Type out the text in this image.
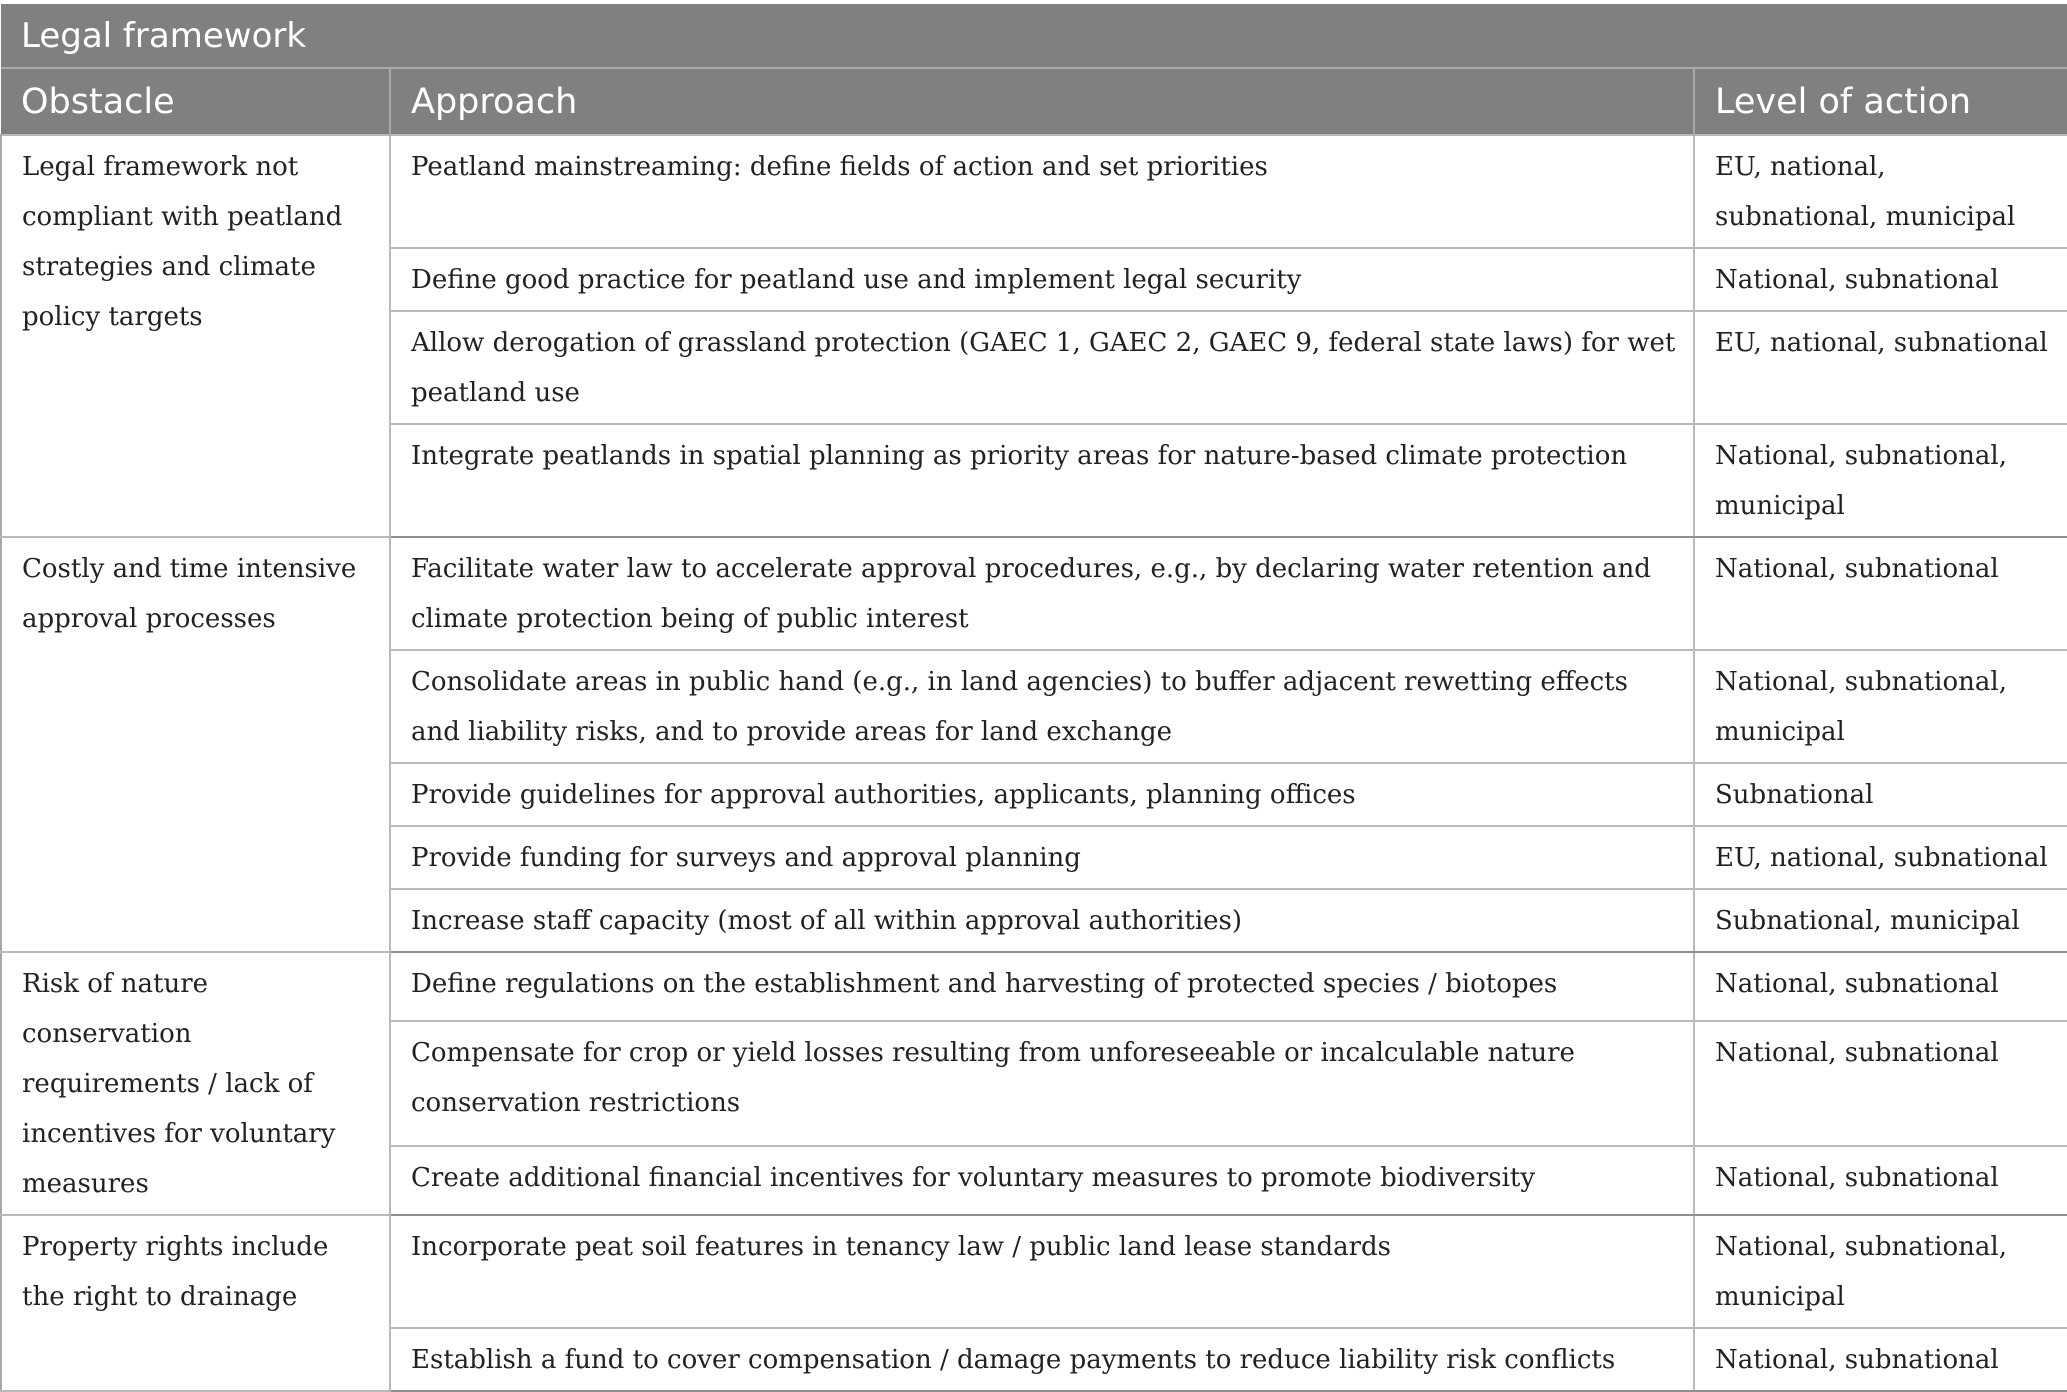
Legal framework		
Obstacle	Approach	Level of action
Legal framework not compliant with peatland strategies and climate policy targets	Peatland mainstreaming: define fields of action and set priorities	EU, national, subnational, municipal
	Define good practice for peatland use and implement legal security	National, subnational
	Allow derogation of grassland protection (GAEC 1, GAEC 2, GAEC 9, federal state laws) for wet peatland use	EU, national, subnational
	Integrate peatlands in spatial planning as priority areas for nature-based climate protection	National, subnational, municipal
Costly and time intensive approval processes	Facilitate water law to accelerate approval procedures, e.g., by declaring water retention and climate protection being of public interest	National, subnational
	Consolidate areas in public hand (e.g., in land agencies) to buffer adjacent rewetting effects and liability risks, and to provide areas for land exchange	National, subnational, municipal
	Provide guidelines for approval authorities, applicants, planning offices	Subnational
	Provide funding for surveys and approval planning	EU, national, subnational
	Increase staff capacity (most of all within approval authorities)	Subnational, municipal
Risk of nature conservation requirements / lack of incentives for voluntary measures	Define regulations on the establishment and harvesting of protected species / biotopes	National, subnational
	Compensate for crop or yield losses resulting from unforeseeable or incalculable nature conservation restrictions	National, subnational
	Create additional financial incentives for voluntary measures to promote biodiversity	National, subnational
Property rights include the right to drainage	Incorporate peat soil features in tenancy law / public land lease standards	National, subnational, municipal
	Establish a fund to cover compensation / damage payments to reduce liability risk conflicts	National, subnational
